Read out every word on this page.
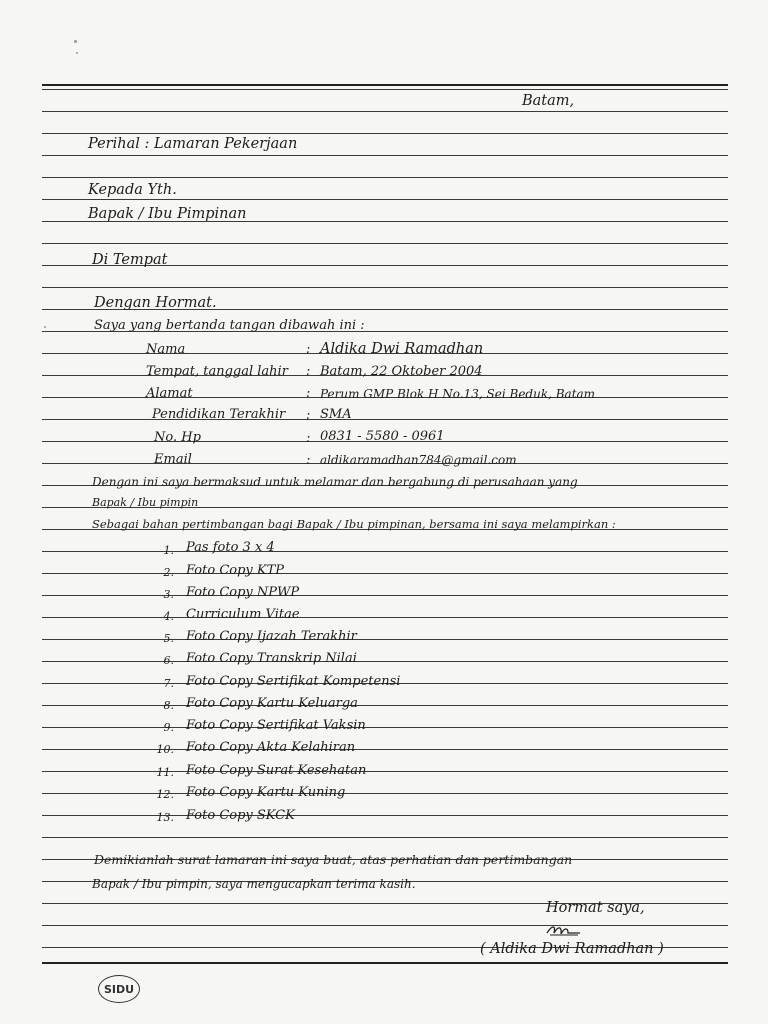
Batam,
Perihal : Lamaran Pekerjaan
Kepada Yth.
Bapak / Ibu Pimpinan
Di Tempat
Dengan Hormat.
Saya yang bertanda tangan dibawah ini :
Nama	: Aldika Dwi Ramadhan
Tempat, tanggal lahir : Batam, 22 Oktober 2004
Alamat	: Perum GMP Blok H No.13, Sei Beduk, Batam
Pendidikan Terakhir : SMA
No. Hp	: 0831 - 5580 - 0961
Email	: aldikaramadhan784@gmail.com
Dengan ini saya bermaksud untuk melamar dan bergabung di perusahaan yang
Bapak / Ibu pimpin
Sebagai bahan pertimbangan bagi Bapak / Ibu pimpinan, bersama ini saya melampirkan :
1. Pas foto 3 x 4
2. Foto Copy KTP
3. Foto Copy NPWP
4. Curriculum Vitae
5. Foto Copy Ijazah Terakhir
6. Foto Copy Transkrip Nilai
7. Foto Copy Sertifikat Kompetensi
8. Foto Copy Kartu Keluarga
9. Foto Copy Sertifikat Vaksin
10. Foto Copy Akta Kelahiran
11. Foto Copy Surat Kesehatan
12. Foto Copy Kartu Kuning
13. Foto Copy SKCK
Demikianlah surat lamaran ini saya buat, atas perhatian dan pertimbangan
Bapak / Ibu pimpin, saya mengucapkan terima kasih.
Hormat saya,
( Aldika Dwi Ramadhan )
SIDU
